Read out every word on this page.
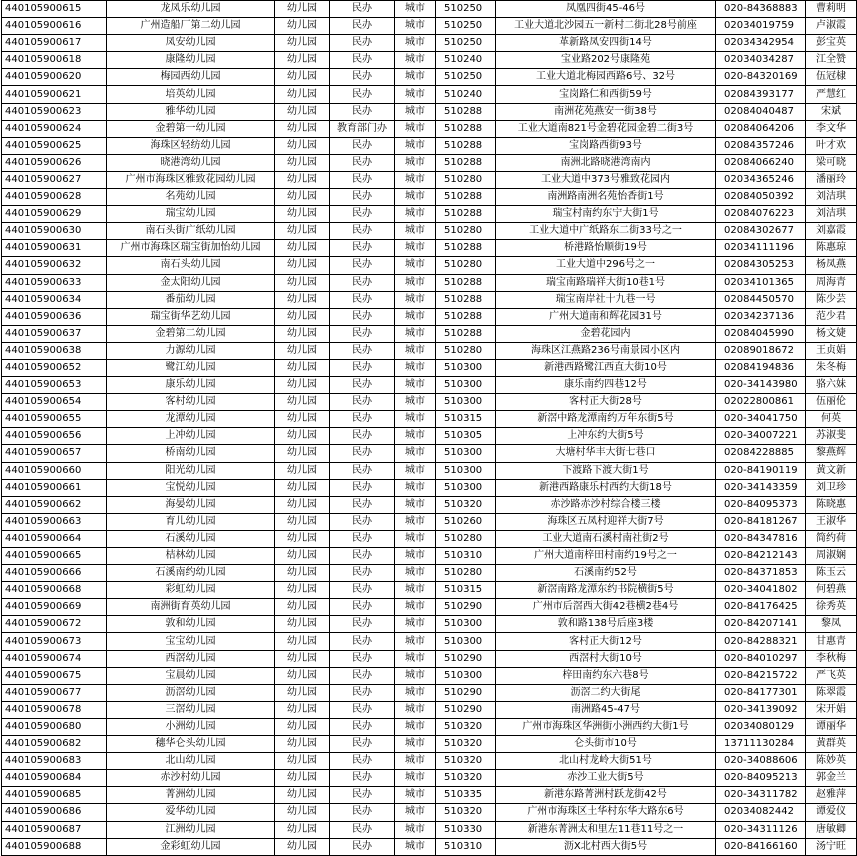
440105900615	龙凤乐幼儿园	幼儿园	民办	城市	510250	凤凰四街45-46号	020-84368883	曹莉明
440105900616	广州造船厂第二幼儿园	幼儿园	民办	城市	510250	工业大道北沙园五一新村二街北28号前座	02034019759	卢淑霞
440105900617	凤安幼儿园	幼儿园	民办	城市	510250	革新路凤安四街14号	02034342954	彭宝英
440105900618	康隆幼儿园	幼儿园	民办	城市	510240	宝业路202号康隆苑	02034034287	江全赞
440105900620	梅园西幼儿园	幼儿园	民办	城市	510250	工业大道北梅园西路6号、32号	020-84320169	伍冠棣
440105900621	培英幼儿园	幼儿园	民办	城市	510240	宝岗路仁和西街59号	02084393177	严慧红
440105900623	雅华幼儿园	幼儿园	民办	城市	510288	南洲花苑燕安一街38号	02084040487	宋斌
440105900624	金碧第一幼儿园	幼儿园	教育部门办	城市	510288	工业大道南821号金碧花园金碧二街3号	02084064206	李文华
440105900625	海珠区轻纺幼儿园	幼儿园	民办	城市	510288	宝岗路西街93号	02084357246	叶才欢
440105900626	晓港湾幼儿园	幼儿园	民办	城市	510288	南洲北路晓港湾南内	02084066240	梁可晓
440105900627	广州市海珠区雅致花园幼儿园	幼儿园	民办	城市	510280	工业大道中373号雅致花园内	02034365246	潘丽玲
440105900628	名苑幼儿园	幼儿园	民办	城市	510288	南洲路南洲名苑怡香街1号	02084050392	刘洁琪
440105900629	瑞宝幼儿园	幼儿园	民办	城市	510288	瑞宝村南约东宁大街1号	02084076223	刘洁琪
440105900630	南石头街广纸幼儿园	幼儿园	民办	城市	510280	工业大道中广纸路东二街33号之一	02084302677	刘嘉霞
440105900631	广州市海珠区瑞宝街加怡幼儿园	幼儿园	民办	城市	510288	桥港路怡顺街19号	02034111196	陈惠琼
440105900632	南石头幼儿园	幼儿园	民办	城市	510280	工业大道中296号之一	02084305253	杨凤燕
440105900633	金太阳幼儿园	幼儿园	民办	城市	510288	瑞宝南路瑞祥大街10巷1号	02034101365	周海青
440105900634	番茄幼儿园	幼儿园	民办	城市	510288	瑞宝南岸社十九巷一号	02084450570	陈少芸
440105900636	瑞宝街华艺幼儿园	幼儿园	民办	城市	510288	广州大道南和辉花园31号	02034237136	范少君
440105900637	金碧第二幼儿园	幼儿园	民办	城市	510288	金碧花园内	02084045990	杨文婕
440105900638	力源幼儿园	幼儿园	民办	城市	510280	海珠区江燕路236号南景园小区内	02089018672	王贞娟
440105900652	鹭江幼儿园	幼儿园	民办	城市	510300	新港西路鹭江西直大街10号	02084194836	朱冬梅
440105900653	康乐幼儿园	幼儿园	民办	城市	510300	康乐南约四巷12号	020-34143980	骆六妹
440105900654	客村幼儿园	幼儿园	民办	城市	510300	客村正大街28号	02022800861	伍丽伦
440105900655	龙潭幼儿园	幼儿园	民办	城市	510315	新滘中路龙潭南约万年东街5号	020-34041750	何英
440105900656	上冲幼儿园	幼儿园	民办	城市	510305	上冲东约大街5号	020-34007221	苏淑斐
440105900657	桥南幼儿园	幼儿园	民办	城市	510300	大塘村华丰大街七巷口	02084228885	黎燕辉
440105900660	阳光幼儿园	幼儿园	民办	城市	510300	下渡路下渡大街1号	020-84190119	黄文新
440105900661	宝悦幼儿园	幼儿园	民办	城市	510300	新港西路康乐村西约大街18号	020-34143359	刘卫珍
440105900662	海晏幼儿园	幼儿园	民办	城市	510320	赤沙路赤沙村综合楼三楼	020-84095373	陈晓惠
440105900663	育儿幼儿园	幼儿园	民办	城市	510260	海珠区五凤村迎祥大街7号	020-84181267	王淑华
440105900664	石溪幼儿园	幼儿园	民办	城市	510280	工业大道南石溪村南社街2号	020-84347816	简约荷
440105900665	桔林幼儿园	幼儿园	民办	城市	510310	广州大道南梓田村南约19号之一	020-84212143	周淑娴
440105900666	石溪南约幼儿园	幼儿园	民办	城市	510280	石溪南约52号	020-84371853	陈玉云
440105900668	彩虹幼儿园	幼儿园	民办	城市	510315	新滘南路龙潭东约书院横街5号	020-34041802	何碧燕
440105900669	南洲街育英幼儿园	幼儿园	民办	城市	510290	广州市后滘西大街42巷横2巷4号	020-84176425	徐秀英
440105900672	敦和幼儿园	幼儿园	民办	城市	510300	敦和路138号后座3楼	020-84207141	黎凤
440105900673	宝宝幼儿园	幼儿园	民办	城市	510300	客村正大街12号	020-84288321	甘惠青
440105900674	西滘幼儿园	幼儿园	民办	城市	510290	西滘村大街10号	020-84010297	李秋梅
440105900675	宝晨幼儿园	幼儿园	民办	城市	510300	梓田南约东六巷8号	020-84215722	严飞英
440105900677	沥滘幼儿园	幼儿园	民办	城市	510290	沥滘二约大街尾	020-84177301	陈翠霞
440105900678	三滘幼儿园	幼儿园	民办	城市	510290	南洲路45-47号	020-34139092	宋开娟
440105900680	小洲幼儿园	幼儿园	民办	城市	510320	广州市海珠区华洲街小洲西约大街1号	02034080129	谭丽华
440105900682	穗华仑头幼儿园	幼儿园	民办	城市	510320	仑头街市10号	13711130284	黄群英
440105900683	北山幼儿园	幼儿园	民办	城市	510320	北山村龙岭大街51号	020-34088606	陈妙英
440105900684	赤沙村幼儿园	幼儿园	民办	城市	510320	赤沙工业大街5号	020-84095213	郭金兰
440105900685	菁洲幼儿园	幼儿园	民办	城市	510335	新港东路菁洲村跃龙街42号	020-34311782	赵雅萍
440105900686	爱华幼儿园	幼儿园	民办	城市	510320	广州市海珠区土华村东华大路东6号	02034082442	谭爱仪
440105900687	江洲幼儿园	幼儿园	民办	城市	510330	新港东菁洲太和里左11巷11号之一	020-34311126	唐敏卿
440105900688	金彩虹幼儿园	幼儿园	民办	城市	510310	沥X北村西大街5号	020-84166160	汤宁旺
